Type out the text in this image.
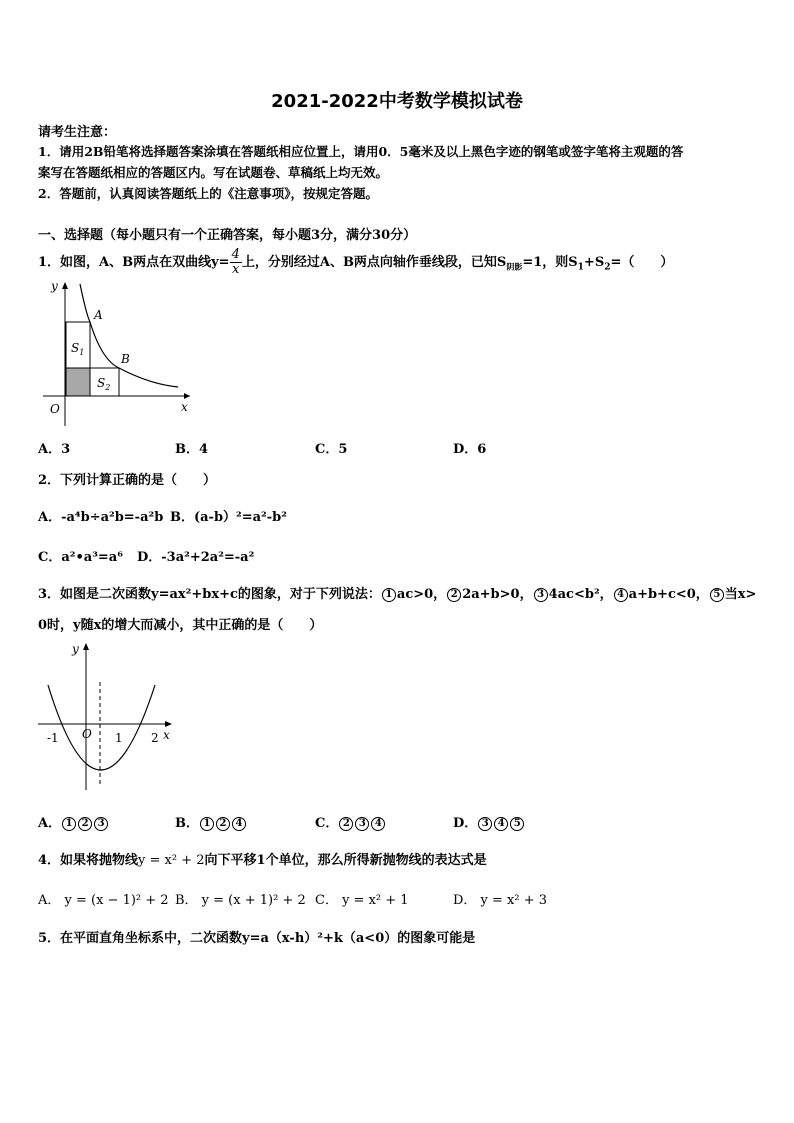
2021-2022中考数学模拟试卷
请考生注意：
1．请用2B铅笔将选择题答案涂填在答题纸相应位置上，请用0．5毫米及以上黑色字迹的钢笔或签字笔将主观题的答
案写在答题纸相应的答题区内。写在试题卷、草稿纸上均无效。
2．答题前，认真阅读答题纸上的《注意事项》，按规定答题。
一、选择题（每小题只有一个正确答案，每小题3分，满分30分）
1．如图，A、B两点在双曲线$y= \frac{4}{x}$ 上，分别经过A、B两点向轴作垂线段，已知$S_{阴影}=1$，则$S_1+S_2=$（　　）
y
x
O
A
B
$S_1$
$S_2$
A．3	B．4	C．5	D．6
2．下列计算正确的是（　　）
A．-a⁴b÷a²b=-a²b B．(a-b）²=a²-b²
C．a²•a³=a⁶ D．-3a²+2a²=-a²
3．如图是二次函数y=ax²+bx+c的图象，对于下列说法： 1 ac>0， 2 2a+b>0， 3 4ac<b²， 4 a+b+c<0， 5 当x>
0时，y随x的增大而减小，其中正确的是（　　）
y
x
O
-1	1 2
A． 1 2 3	B． 1 2 4	C． 2 3 4	D． 3 4 5
4．如果将抛物线y = x² + 2向下平移1个单位，那么所得新抛物线的表达式是
A． y = (x − 1)² + 2 B． y = (x + 1)² + 2 C． y = x² + 1	D． y = x² + 3
5．在平面直角坐标系中，二次函数y=a（x-h）²+k（a<0）的图象可能是
